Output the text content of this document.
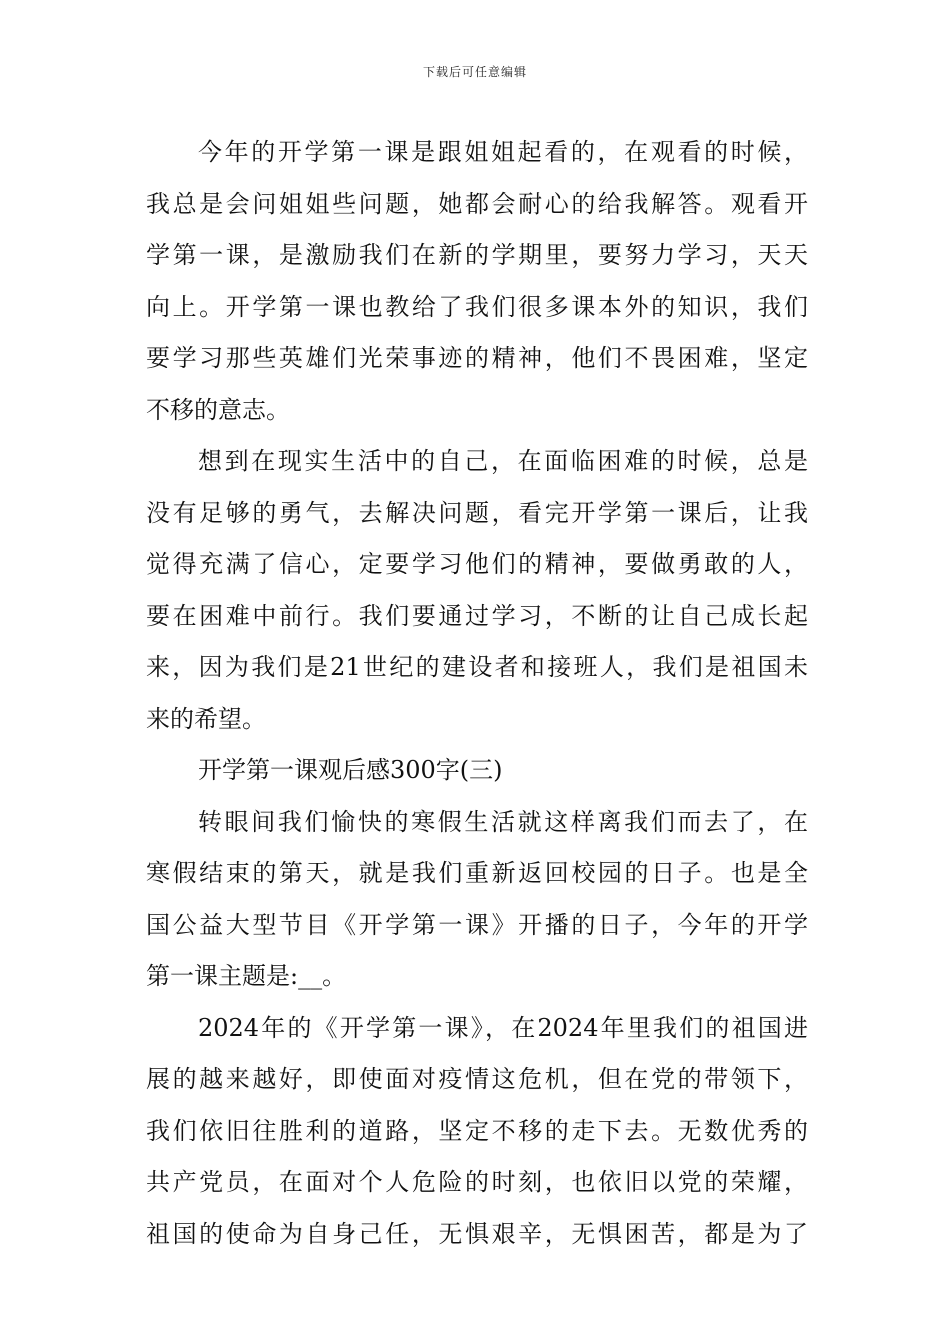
下载后可任意编辑
今年的开学第一课是跟姐姐起看的，在观看的时候，
我总是会问姐姐些问题，她都会耐心的给我解答。观看开
学第一课，是激励我们在新的学期里，要努力学习，天天
向上。开学第一课也教给了我们很多课本外的知识，我们
要学习那些英雄们光荣事迹的精神，他们不畏困难，坚定
不移的意志。
想到在现实生活中的自己，在面临困难的时候，总是
没有足够的勇气，去解决问题，看完开学第一课后，让我
觉得充满了信心，定要学习他们的精神，要做勇敢的人，
要在困难中前行。我们要通过学习，不断的让自己成长起
来，因为我们是21世纪的建设者和接班人，我们是祖国未
来的希望。
开学第一课观后感300字(三)
转眼间我们愉快的寒假生活就这样离我们而去了，在
寒假结束的第天，就是我们重新返回校园的日子。也是全
国公益大型节目《开学第一课》开播的日子，今年的开学
第一课主题是:__。
2024年的《开学第一课》，在2024年里我们的祖国进
展的越来越好，即使面对疫情这危机，但在党的带领下，
我们依旧往胜利的道路，坚定不移的走下去。无数优秀的
共产党员，在面对个人危险的时刻，也依旧以党的荣耀，
祖国的使命为自身己任，无惧艰辛，无惧困苦，都是为了
